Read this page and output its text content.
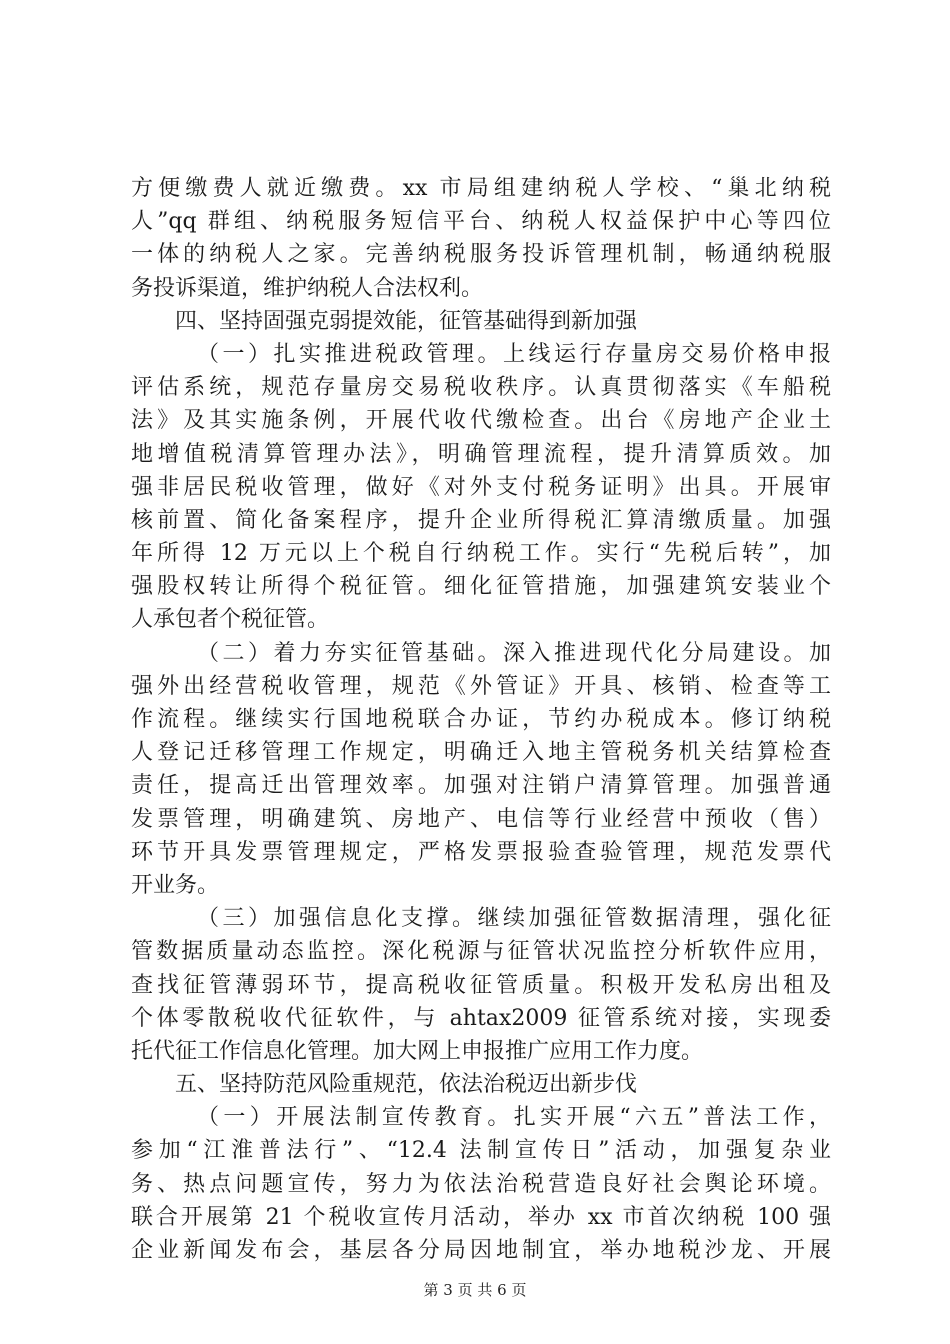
方便缴费人就近缴费。xx 市局组建纳税人学校、“巢北纳税
人”qq 群组、纳税服务短信平台、纳税人权益保护中心等四位
一体的纳税人之家。完善纳税服务投诉管理机制，畅通纳税服
务投诉渠道，维护纳税人合法权利。
四、坚持固强克弱提效能，征管基础得到新加强
（一）扎实推进税政管理。上线运行存量房交易价格申报
评估系统，规范存量房交易税收秩序。认真贯彻落实《车船税
法》及其实施条例，开展代收代缴检查。出台《房地产企业土
地增值税清算管理办法》，明确管理流程，提升清算质效。加
强非居民税收管理，做好《对外支付税务证明》出具。开展审
核前置、简化备案程序，提升企业所得税汇算清缴质量。加强
年所得 12 万元以上个税自行纳税工作。实行“先税后转”，加
强股权转让所得个税征管。细化征管措施，加强建筑安装业个
人承包者个税征管。
（二）着力夯实征管基础。深入推进现代化分局建设。加
强外出经营税收管理，规范《外管证》开具、核销、检查等工
作流程。继续实行国地税联合办证，节约办税成本。修订纳税
人登记迁移管理工作规定，明确迁入地主管税务机关结算检查
责任，提高迁出管理效率。加强对注销户清算管理。加强普通
发票管理，明确建筑、房地产、电信等行业经营中预收（售）
环节开具发票管理规定，严格发票报验查验管理，规范发票代
开业务。
（三）加强信息化支撑。继续加强征管数据清理，强化征
管数据质量动态监控。深化税源与征管状况监控分析软件应用，
查找征管薄弱环节，提高税收征管质量。积极开发私房出租及
个体零散税收代征软件，与 ahtax2009 征管系统对接，实现委
托代征工作信息化管理。加大网上申报推广应用工作力度。
五、坚持防范风险重规范，依法治税迈出新步伐
（一）开展法制宣传教育。扎实开展“六五”普法工作，
参加“江淮普法行”、“12.4 法制宣传日”活动，加强复杂业
务、热点问题宣传，努力为依法治税营造良好社会舆论环境。
联合开展第 21 个税收宣传月活动，举办 xx 市首次纳税 100 强
企业新闻发布会，基层各分局因地制宜，举办地税沙龙、开展
第 3 页 共 6 页
